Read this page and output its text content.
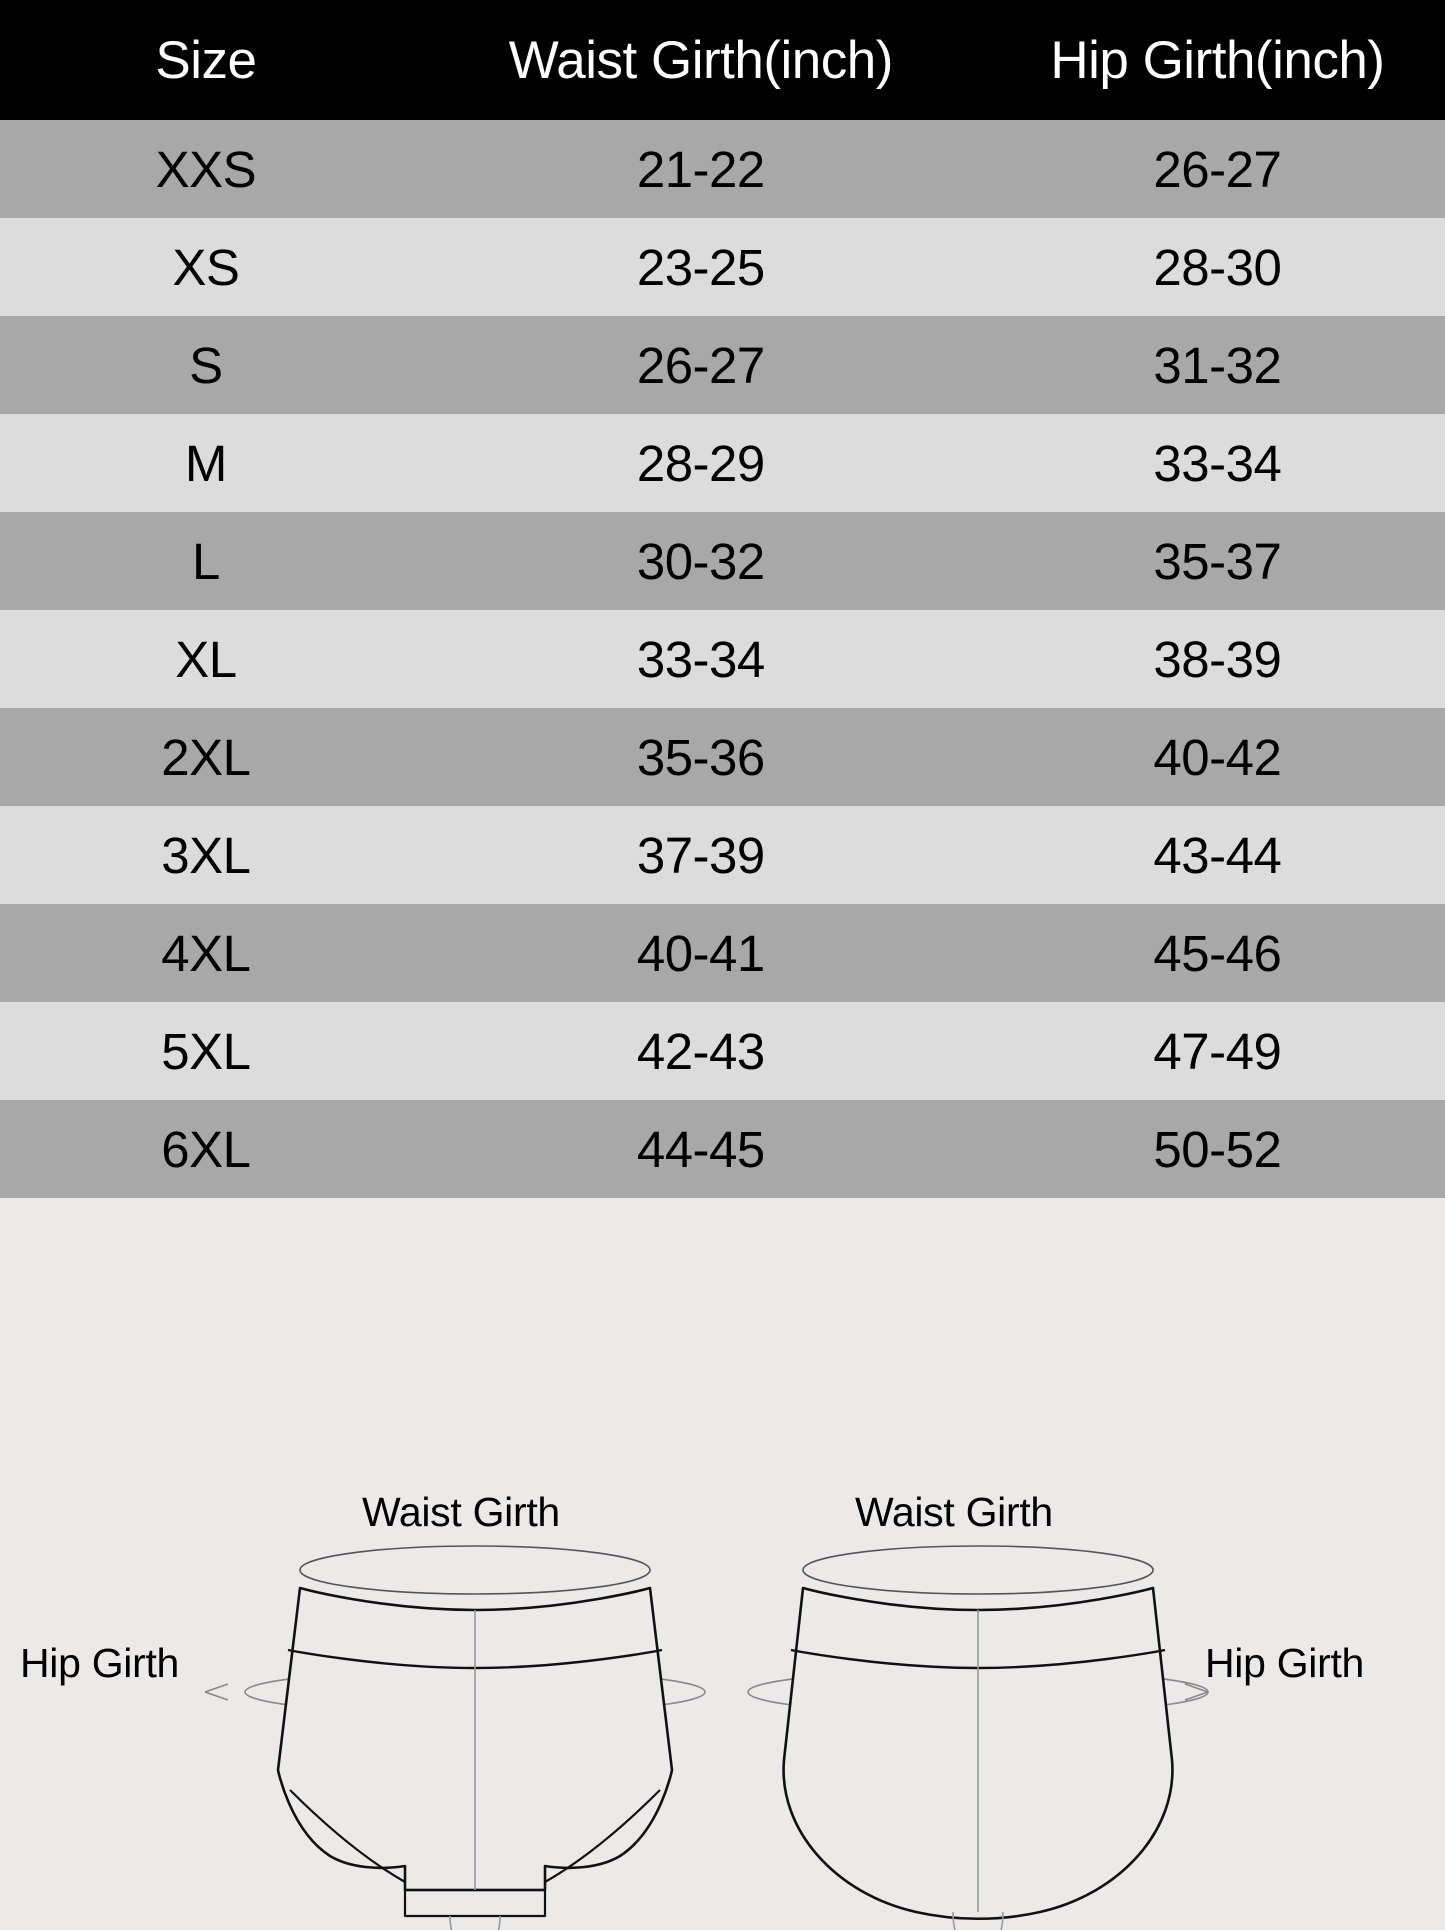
Size	Waist Girth(inch)	Hip Girth(inch)
XXS	21-22	26-27
XS	23-25	28-30
S	26-27	31-32
M	28-29	33-34
L	30-32	35-37
XL	33-34	38-39
2XL	35-36	40-42
3XL	37-39	43-44
4XL	40-41	45-46
5XL	42-43	47-49
6XL	44-45	50-52
Waist Girth	Waist Girth
Hip Girth	Hip Girth
